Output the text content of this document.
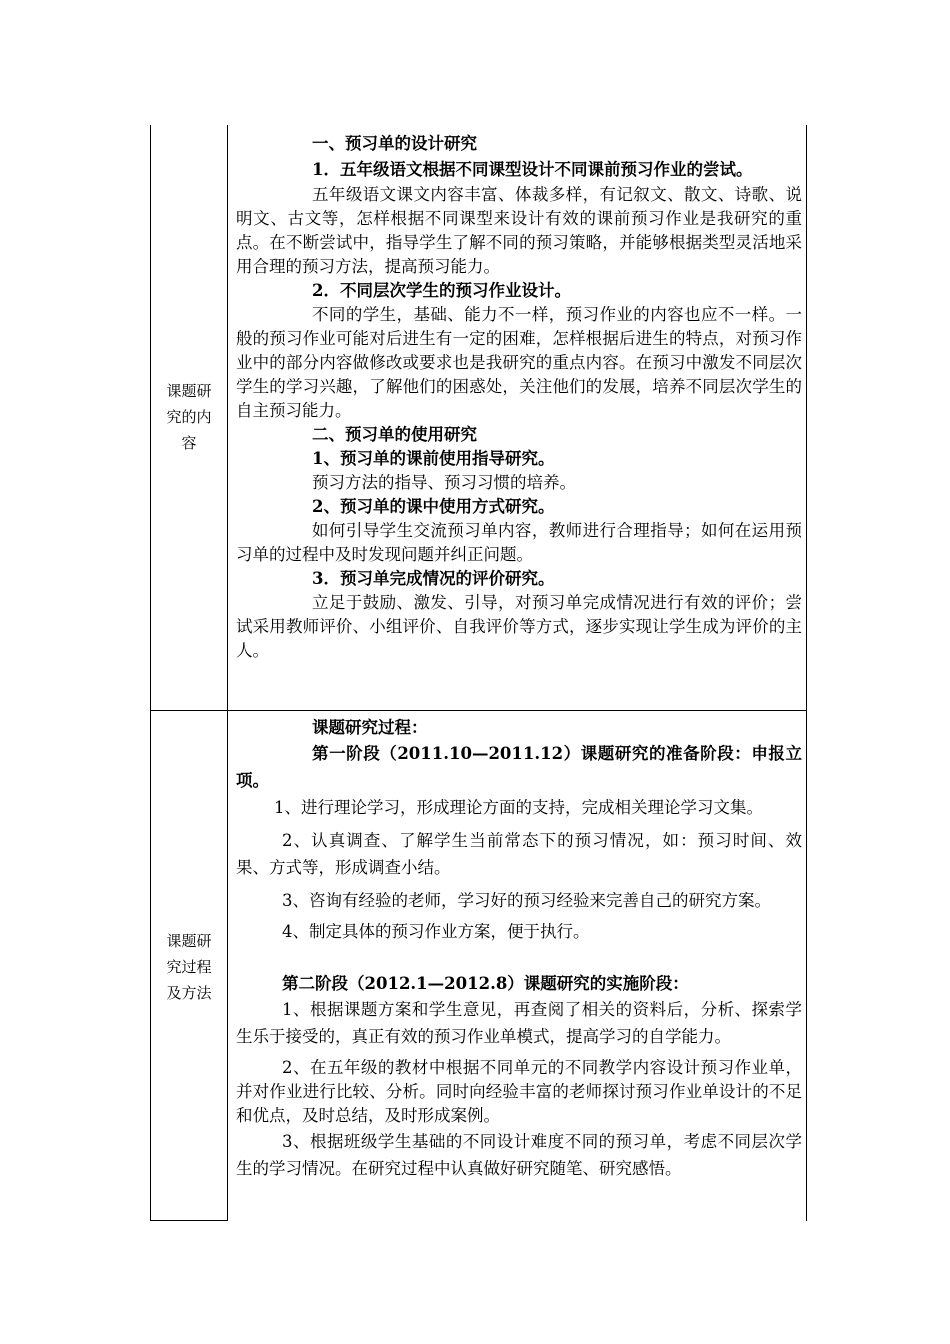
课题研
究的内
容

一、预习单的设计研究

1．五年级语文根据不同课型设计不同课前预习作业的尝试。

五年级语文课文内容丰富、体裁多样，有记叙文、散文、诗歌、说明文、古文等，怎样根据不同课型来设计有效的课前预习作业是我研究的重点。在不断尝试中，指导学生了解不同的预习策略，并能够根据类型灵活地采用合理的预习方法，提高预习能力。

2．不同层次学生的预习作业设计。

不同的学生，基础、能力不一样，预习作业的内容也应不一样。一般的预习作业可能对后进生有一定的困难，怎样根据后进生的特点，对预习作业中的部分内容做修改或要求也是我研究的重点内容。在预习中激发不同层次学生的学习兴趣，了解他们的困惑处，关注他们的发展，培养不同层次学生的自主预习能力。

二、预习单的使用研究

1、预习单的课前使用指导研究。

预习方法的指导、预习习惯的培养。

2、预习单的课中使用方式研究。

如何引导学生交流预习单内容，教师进行合理指导；如何在运用预习单的过程中及时发现问题并纠正问题。

3．预习单完成情况的评价研究。

立足于鼓励、激发、引导，对预习单完成情况进行有效的评价；尝试采用教师评价、小组评价、自我评价等方式，逐步实现让学生成为评价的主人。

课题研
究过程
及方法

课题研究过程：

第一阶段（2011.10—2011.12）课题研究的准备阶段：申报立项。

1、进行理论学习，形成理论方面的支持，完成相关理论学习文集。

2、认真调查、了解学生当前常态下的预习情况，如：预习时间、效果、方式等，形成调查小结。

3、咨询有经验的老师，学习好的预习经验来完善自己的研究方案。

4、制定具体的预习作业方案，便于执行。

第二阶段（2012.1—2012.8）课题研究的实施阶段：

1、根据课题方案和学生意见，再查阅了相关的资料后，分析、探索学生乐于接受的，真正有效的预习作业单模式，提高学习的自学能力。

2、在五年级的教材中根据不同单元的不同教学内容设计预习作业单，并对作业进行比较、分析。同时向经验丰富的老师探讨预习作业单设计的不足和优点，及时总结，及时形成案例。

3、根据班级学生基础的不同设计难度不同的预习单，考虑不同层次学生的学习情况。在研究过程中认真做好研究随笔、研究感悟。
